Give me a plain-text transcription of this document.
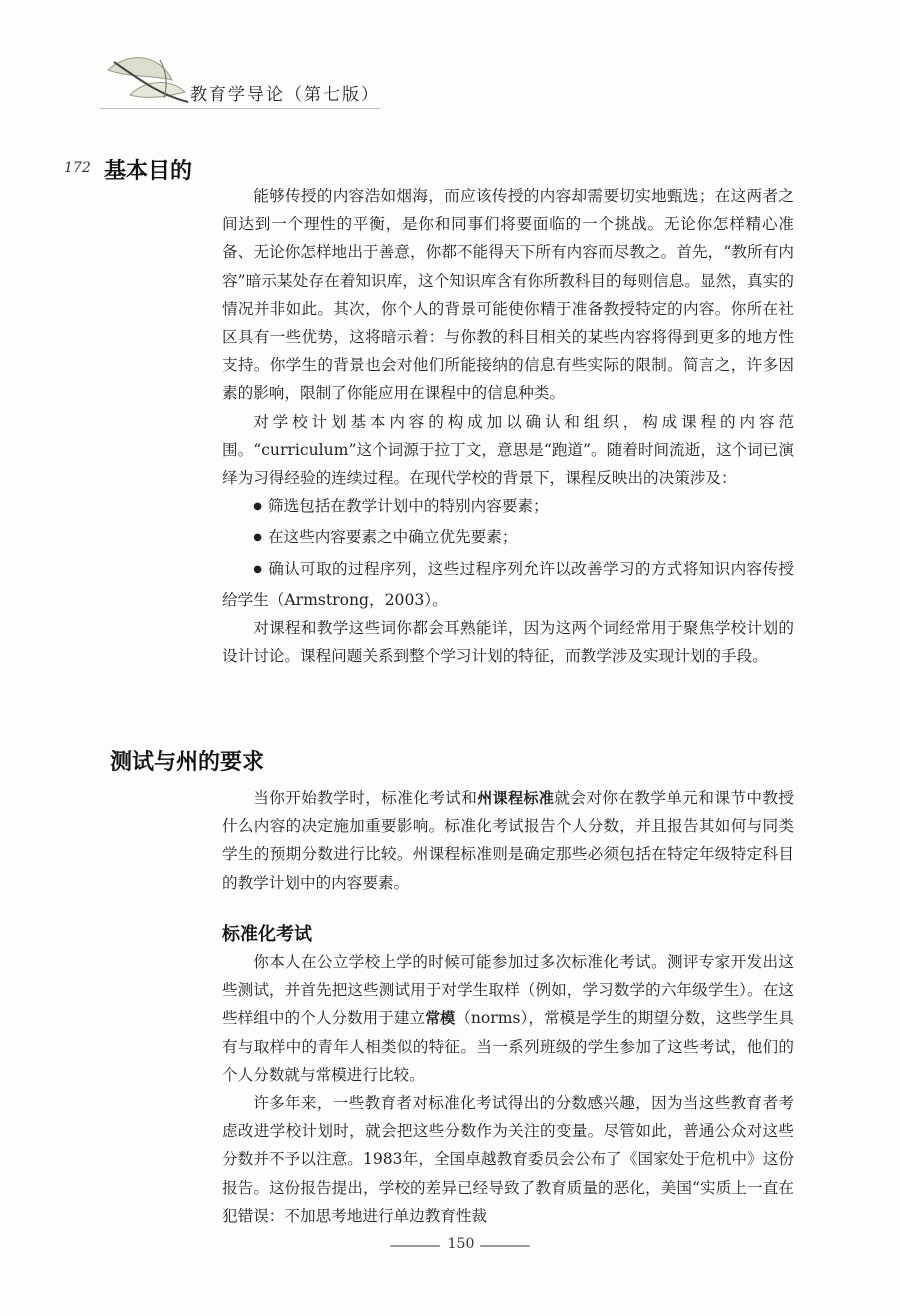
教育学导论（第七版）
172 基本目的

能够传授的内容浩如烟海，而应该传授的内容却需要切实地甄选；在这两者之间达到一个理性的平衡，是你和同事们将要面临的一个挑战。无论你怎样精心准备、无论你怎样地出于善意，你都不能得天下所有内容而尽教之。首先，“教所有内容”暗示某处存在着知识库，这个知识库含有你所教科目的每则信息。显然，真实的情况并非如此。其次，你个人的背景可能使你精于准备教授特定的内容。你所在社区具有一些优势，这将暗示着：与你教的科目相关的某些内容将得到更多的地方性支持。你学生的背景也会对他们所能接纳的信息有些实际的限制。简言之，许多因素的影响，限制了你能应用在课程中的信息种类。

对学校计划基本内容的构成加以确认和组织，构成课程的内容范围。“curriculum”这个词源于拉丁文，意思是“跑道”。随着时间流逝，这个词已演绎为习得经验的连续过程。在现代学校的背景下，课程反映出的决策涉及：

●筛选包括在教学计划中的特别内容要素；
●在这些内容要素之中确立优先要素；
●确认可取的过程序列，这些过程序列允许以改善学习的方式将知识内容传授给学生（Armstrong，2003）。

对课程和教学这些词你都会耳熟能详，因为这两个词经常用于聚焦学校计划的设计讨论。课程问题关系到整个学习计划的特征，而教学涉及实现计划的手段。

测试与州的要求

当你开始教学时，标准化考试和州课程标准就会对你在教学单元和课节中教授什么内容的决定施加重要影响。标准化考试报告个人分数，并且报告其如何与同类学生的预期分数进行比较。州课程标准则是确定那些必须包括在特定年级特定科目的教学计划中的内容要素。

标准化考试

你本人在公立学校上学的时候可能参加过多次标准化考试。测评专家开发出这些测试，并首先把这些测试用于对学生取样（例如，学习数学的六年级学生）。在这些样组中的个人分数用于建立常模（norms），常模是学生的期望分数，这些学生具有与取样中的青年人相类似的特征。当一系列班级的学生参加了这些考试，他们的个人分数就与常模进行比较。

许多年来，一些教育者对标准化考试得出的分数感兴趣，因为当这些教育者考虑改进学校计划时，就会把这些分数作为关注的变量。尽管如此，普通公众对这些分数并不予以注意。1983年，全国卓越教育委员会公布了《国家处于危机中》这份报告。这份报告提出，学校的差异已经导致了教育质量的恶化，美国“实质上一直在犯错误：不加思考地进行单边教育性裁

150
